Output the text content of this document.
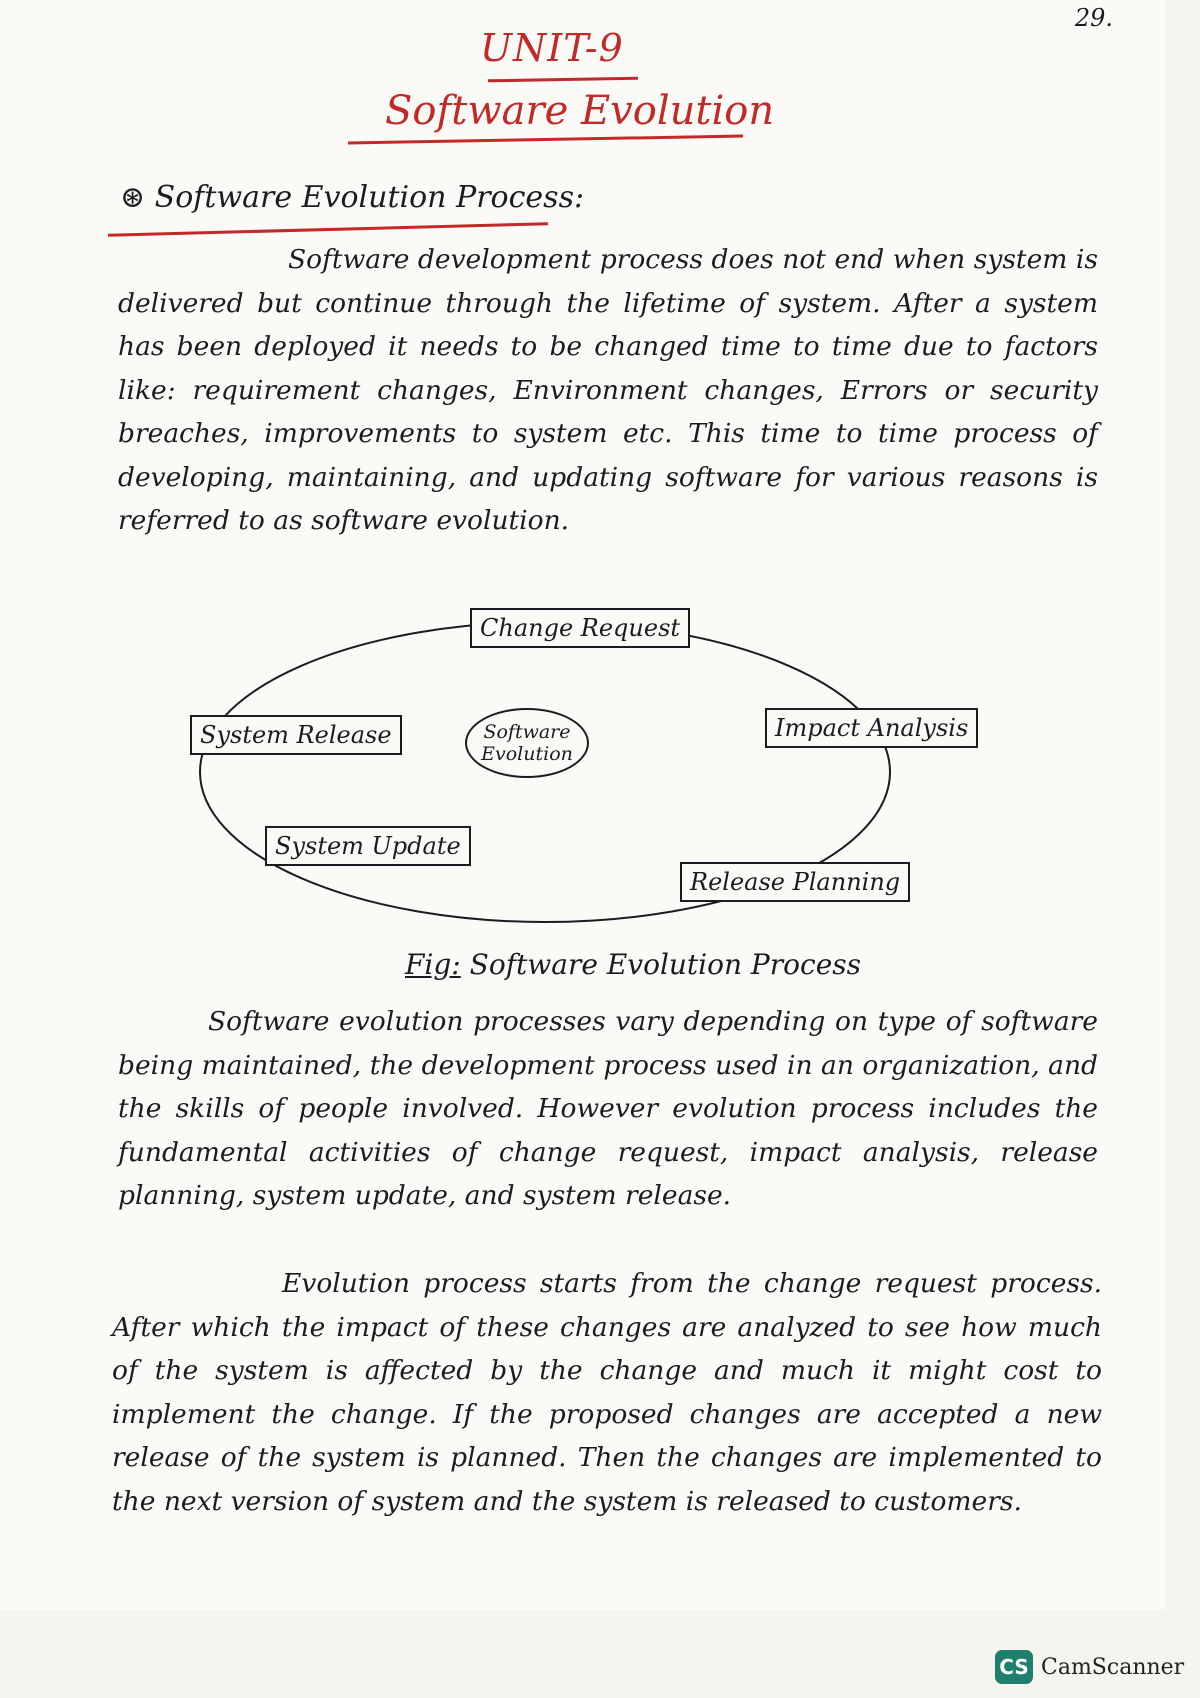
29.
UNIT-9
Software Evolution
⊛ Software Evolution Process:

Software development process does not end when system is delivered but continue through the lifetime of system. After a system has been deployed it needs to be changed time to time due to factors like: requirement changes, Environment changes, Errors or security breaches, improvements to system etc. This time to time process of developing, maintaining, and updating software for various reasons is referred to as software evolution.

Change Request
Impact Analysis
Release Planning
System Update
System Release	Software Evolution
Fig: Software Evolution Process

Software evolution processes vary depending on type of software being maintained, the development process used in an organization, and the skills of people involved. However evolution process includes the fundamental activities of change request, impact analysis, release planning, system update, and system release.

Evolution process starts from the change request process. After which the impact of these changes are analyzed to see how much of the system is affected by the change and much it might cost to implement the change. If the proposed changes are accepted a new release of the system is planned. Then the changes are implemented to the next version of system and the system is released to customers.

CS CamScanner
